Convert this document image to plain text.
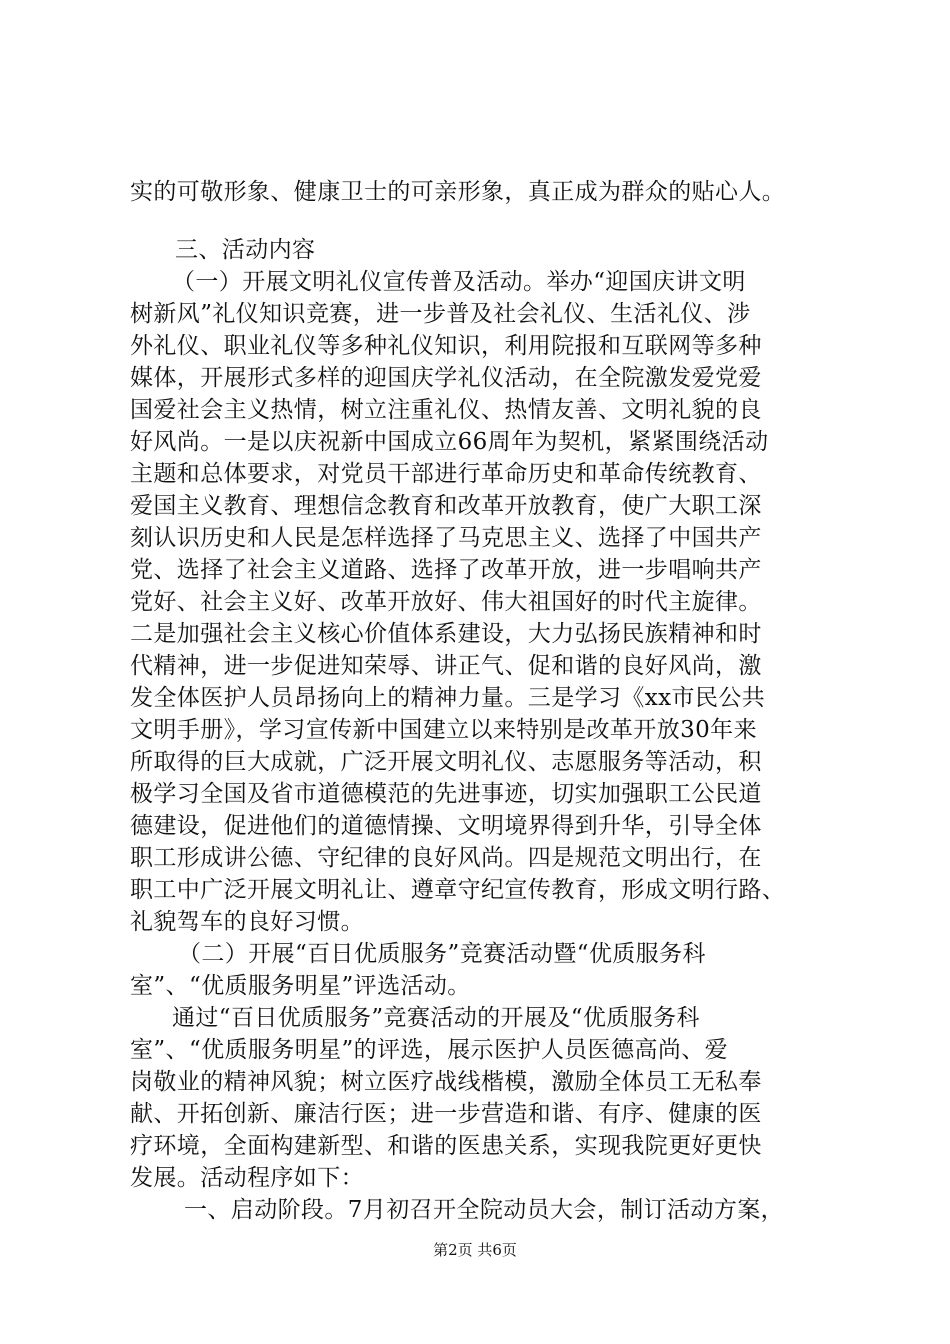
实的可敬形象、健康卫士的可亲形象，真正成为群众的贴心人。
三、活动内容
（一）开展文明礼仪宣传普及活动。举办“迎国庆讲文明
树新风”礼仪知识竞赛，进一步普及社会礼仪、生活礼仪、涉
外礼仪、职业礼仪等多种礼仪知识，利用院报和互联网等多种
媒体，开展形式多样的迎国庆学礼仪活动，在全院激发爱党爱
国爱社会主义热情，树立注重礼仪、热情友善、文明礼貌的良
好风尚。一是以庆祝新中国成立66周年为契机，紧紧围绕活动
主题和总体要求，对党员干部进行革命历史和革命传统教育、
爱国主义教育、理想信念教育和改革开放教育，使广大职工深
刻认识历史和人民是怎样选择了马克思主义、选择了中国共产
党、选择了社会主义道路、选择了改革开放，进一步唱响共产
党好、社会主义好、改革开放好、伟大祖国好的时代主旋律。
二是加强社会主义核心价值体系建设，大力弘扬民族精神和时
代精神，进一步促进知荣辱、讲正气、促和谐的良好风尚，激
发全体医护人员昂扬向上的精神力量。三是学习《xx市民公共
文明手册》，学习宣传新中国建立以来特别是改革开放30年来
所取得的巨大成就，广泛开展文明礼仪、志愿服务等活动，积
极学习全国及省市道德模范的先进事迹，切实加强职工公民道
德建设，促进他们的道德情操、文明境界得到升华，引导全体
职工形成讲公德、守纪律的良好风尚。四是规范文明出行，在
职工中广泛开展文明礼让、遵章守纪宣传教育，形成文明行路、
礼貌驾车的良好习惯。
（二）开展“百日优质服务”竞赛活动暨“优质服务科
室”、“优质服务明星”评选活动。
通过“百日优质服务”竞赛活动的开展及“优质服务科
室”、“优质服务明星”的评选，展示医护人员医德高尚、爱
岗敬业的精神风貌；树立医疗战线楷模，激励全体员工无私奉
献、开拓创新、廉洁行医；进一步营造和谐、有序、健康的医
疗环境，全面构建新型、和谐的医患关系，实现我院更好更快
发展。活动程序如下：
一、启动阶段。7月初召开全院动员大会，制订活动方案，
第2页 共6页
